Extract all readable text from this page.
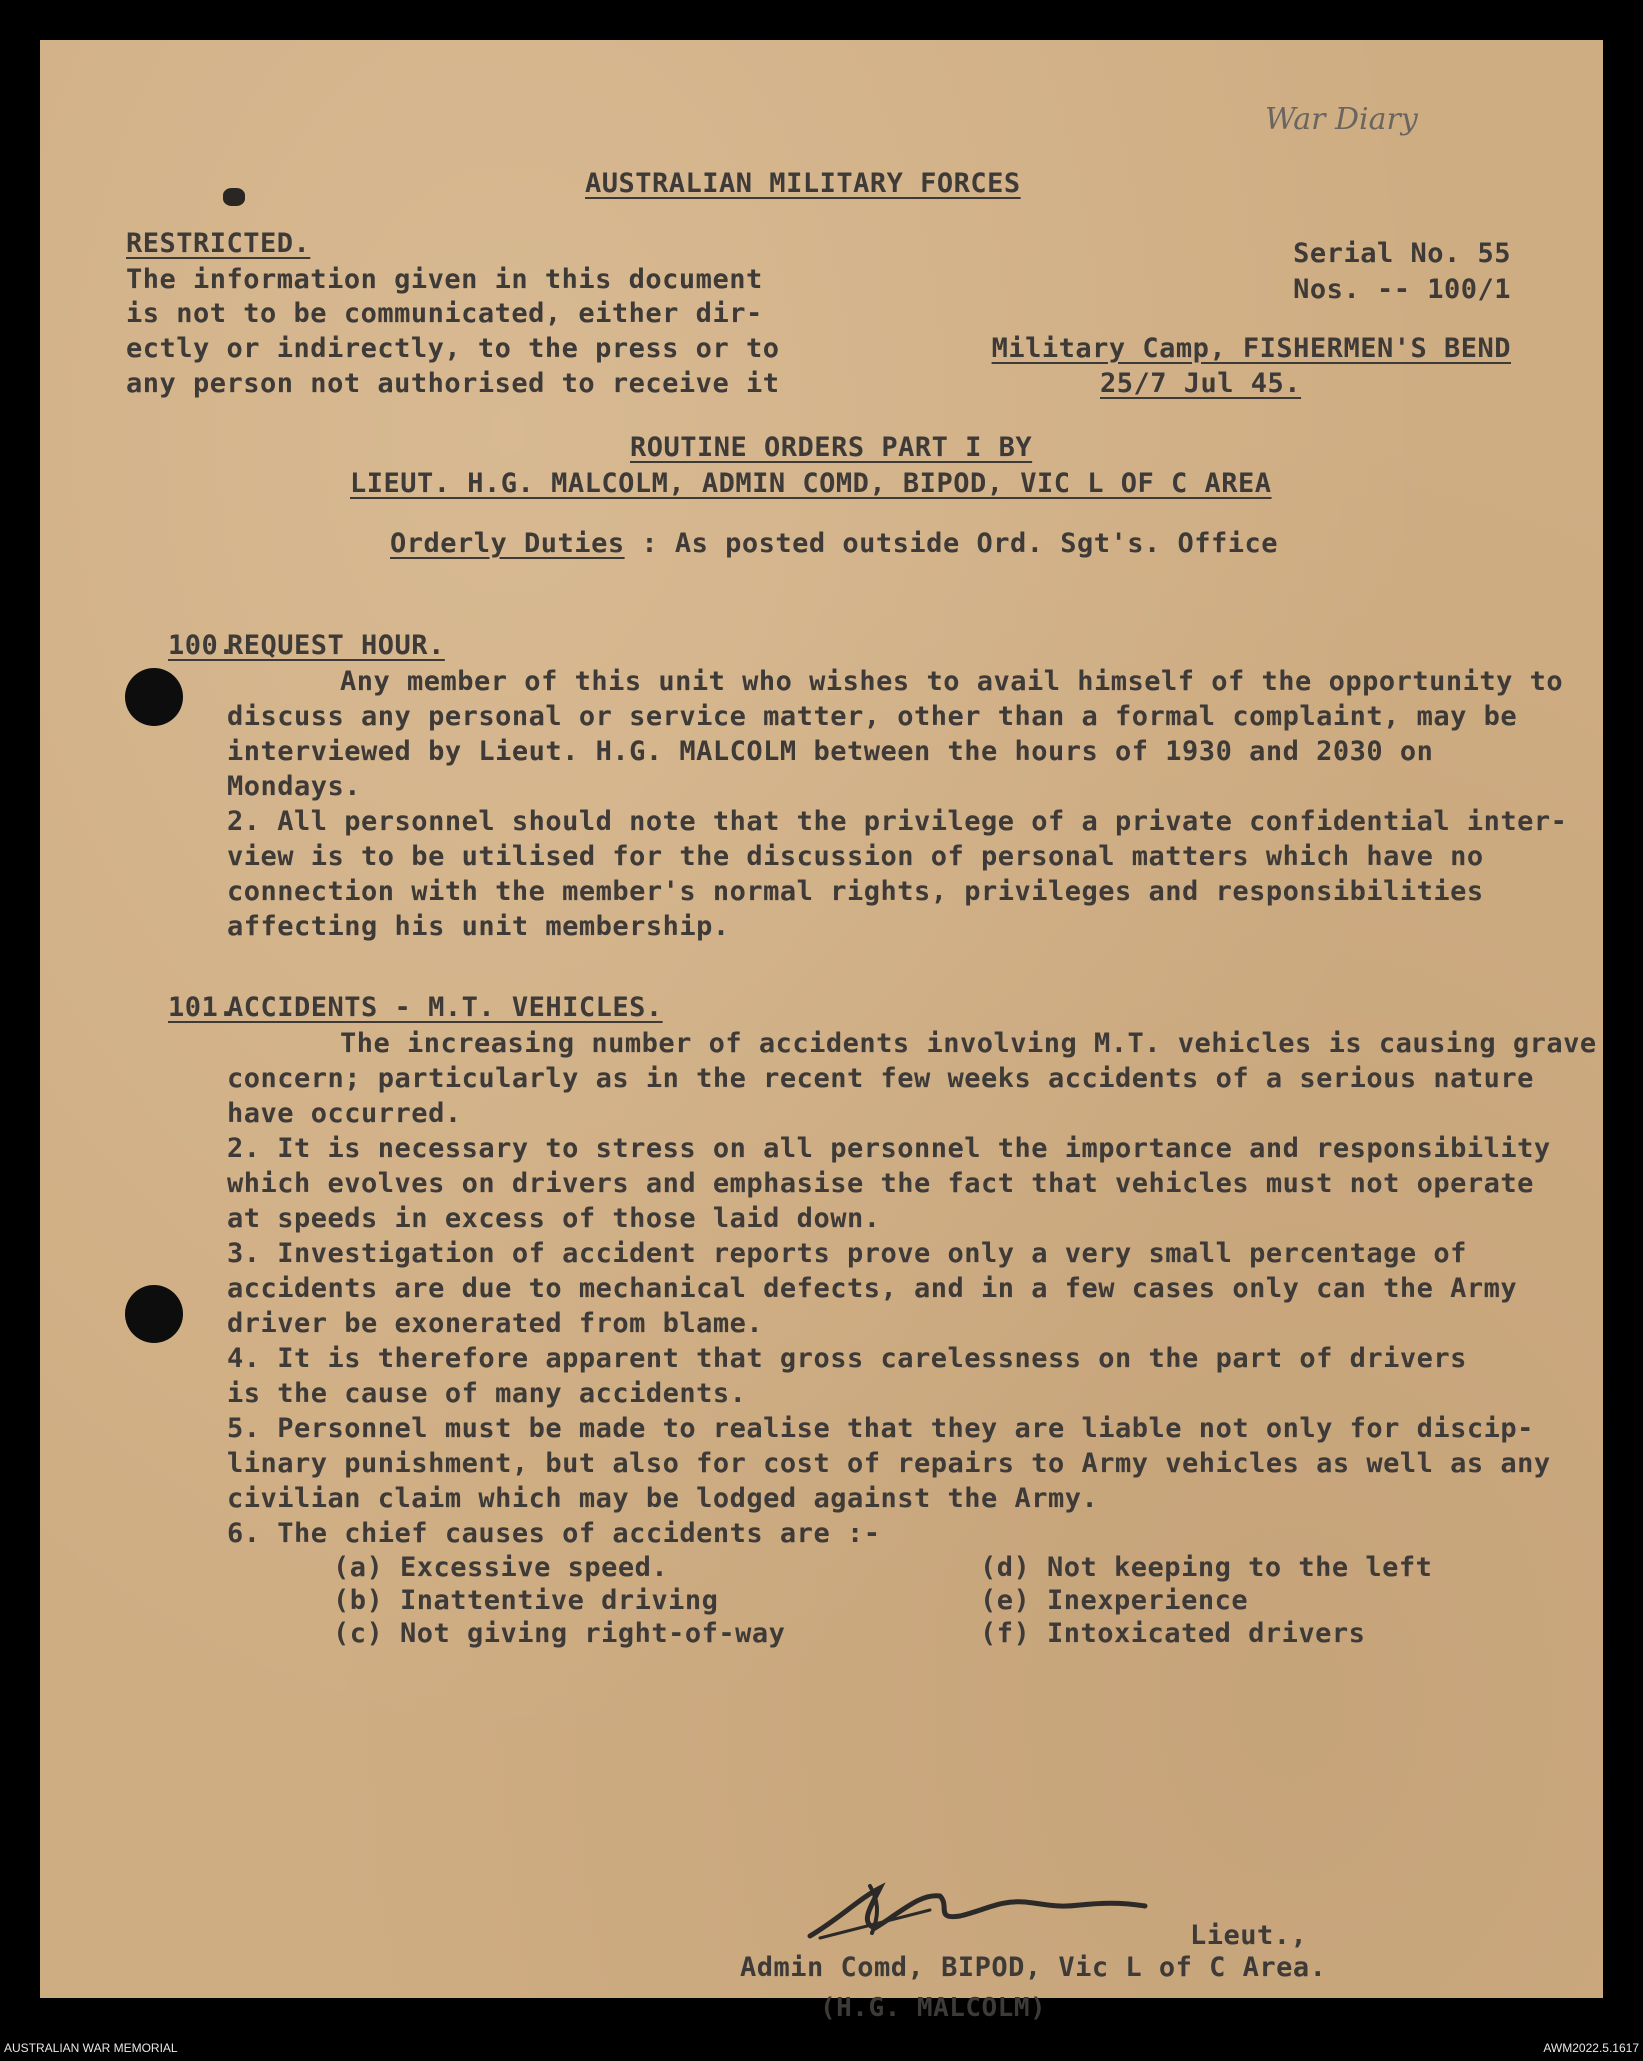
War Diary
AUSTRALIAN MILITARY FORCES
RESTRICTED.
The information given in this document
is not to be communicated, either dir-
ectly or indirectly, to the press or to
any person not authorised to receive it
Serial No. 55
Nos. -- 100/1
Military Camp, FISHERMEN'S BEND
25/7 Jul 45.
ROUTINE ORDERS PART I BY
LIEUT. H.G. MALCOLM, ADMIN COMD, BIPOD, VIC L OF C AREA
Orderly Duties : As posted outside Ord. Sgt's. Office
100.
REQUEST HOUR.
Any member of this unit who wishes to avail himself of the opportunity to
discuss any personal or service matter, other than a formal complaint, may be
interviewed by Lieut. H.G. MALCOLM between the hours of 1930 and 2030 on
Mondays.
2. All personnel should note that the privilege of a private confidential inter-
view is to be utilised for the discussion of personal matters which have no
connection with the member's normal rights, privileges and responsibilities
affecting his unit membership.
101.
ACCIDENTS - M.T. VEHICLES.
The increasing number of accidents involving M.T. vehicles is causing grave
concern; particularly as in the recent few weeks accidents of a serious nature
have occurred.
2. It is necessary to stress on all personnel the importance and responsibility
which evolves on drivers and emphasise the fact that vehicles must not operate
at speeds in excess of those laid down.
3. Investigation of accident reports prove only a very small percentage of
accidents are due to mechanical defects, and in a few cases only can the Army
driver be exonerated from blame.
4. It is therefore apparent that gross carelessness on the part of drivers
is the cause of many accidents.
5. Personnel must be made to realise that they are liable not only for discip-
linary punishment, but also for cost of repairs to Army vehicles as well as any
civilian claim which may be lodged against the Army.
6. The chief causes of accidents are :-
(a) Excessive speed.
(b) Inattentive driving
(c) Not giving right-of-way
(d) Not keeping to the left
(e) Inexperience
(f) Intoxicated drivers
Lieut.,
Admin Comd, BIPOD, Vic L of C Area.
(H.G. MALCOLM)
AUSTRALIAN WAR MEMORIAL	AWM2022.5.1617
